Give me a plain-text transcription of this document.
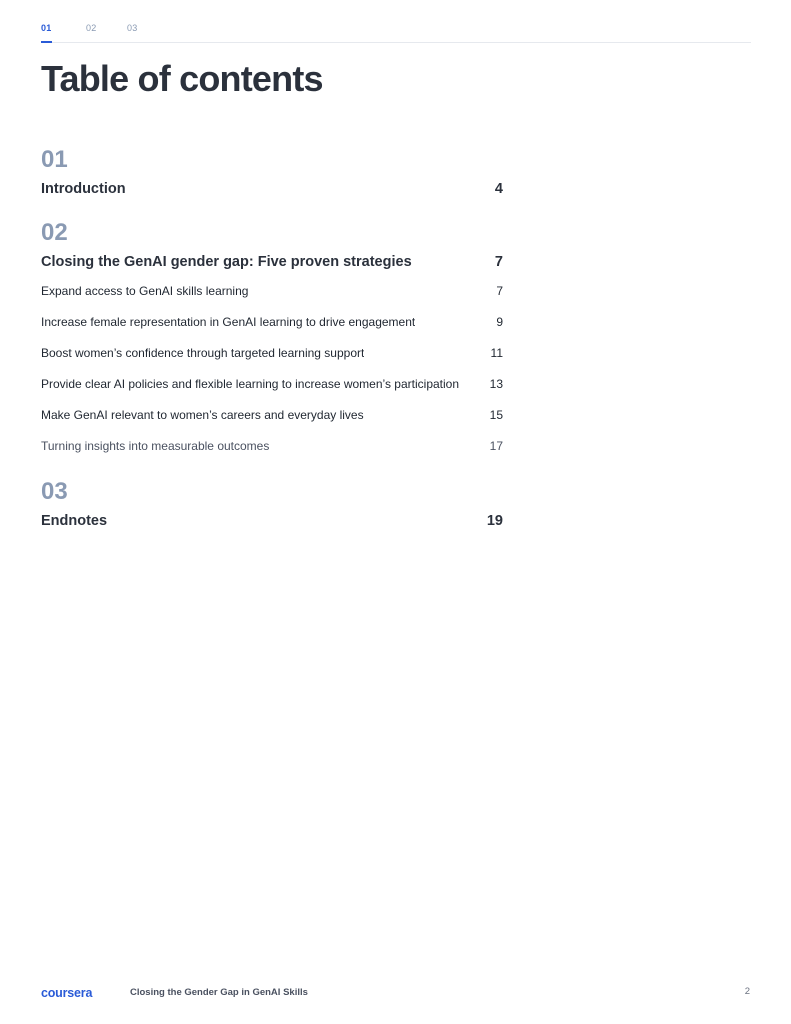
01	02	03
Table of contents
01
Introduction	4
02
Closing the GenAI gender gap: Five proven strategies	7
Expand access to GenAI skills learning	7
Increase female representation in GenAI learning to drive engagement	9
Boost women’s confidence through targeted learning support	11
Provide clear AI policies and flexible learning to increase women’s participation	13
Make GenAI relevant to women’s careers and everyday lives	15
Turning insights into measurable outcomes	17
03
Endnotes	19
coursera	Closing the Gender Gap in GenAI Skills	2
